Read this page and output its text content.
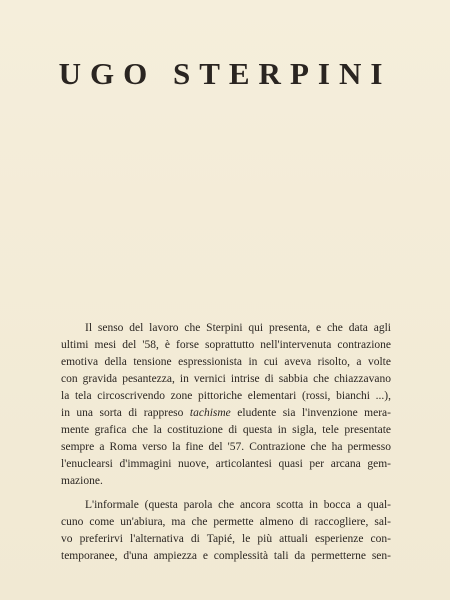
UGO STERPINI

Il senso del lavoro che Sterpini qui presenta, e che data agli
ultimi mesi del '58, è forse soprattutto nell'intervenuta contrazione
emotiva della tensione espressionista in cui aveva risolto, a volte
con gravida pesantezza, in vernici intrise di sabbia che chiazzavano
la tela circoscrivendo zone pittoriche elementari (rossi, bianchi ...),
in una sorta di rappreso tachisme eludente sia l'invenzione mera-
mente grafica che la costituzione di questa in sigla, tele presentate
sempre a Roma verso la fine del '57. Contrazione che ha permesso
l'enuclearsi d'immagini nuove, articolantesi quasi per arcana gem-
mazione.

L'informale (questa parola che ancora scotta in bocca a qual-
cuno come un'abiura, ma che permette almeno di raccogliere, sal-
vo preferirvi l'alternativa di Tapié, le più attuali esperienze con-
temporanee, d'una ampiezza e complessità tali da permetterne sen-
